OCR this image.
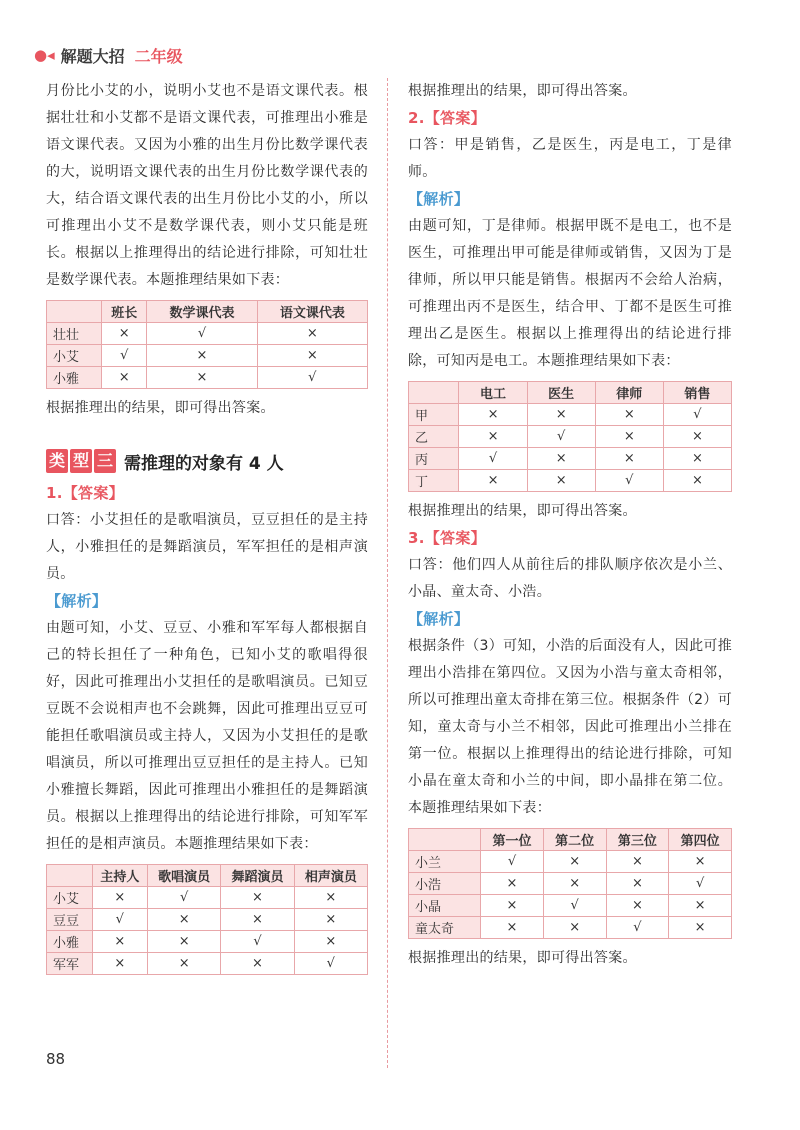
●◂ 解题大招 二年级

月份比小艾的小，说明小艾也不是语文课代表。根据壮壮和小艾都不是语文课代表，可推理出小雅是语文课代表。又因为小雅的出生月份比数学课代表的大，说明语文课代表的出生月份比数学课代表的大，结合语文课代表的出生月份比小艾的小，所以可推理出小艾不是数学课代表，则小艾只能是班长。根据以上推理得出的结论进行排除，可知壮壮是数学课代表。本题推理结果如下表：

	班长	数学课代表	语文课代表
壮壮	×	√	×
小艾	√	×	×
小雅	×	×	√

根据推理出的结果，即可得出答案。

类 型 三 需推理的对象有 4 人

1.【答案】

口答：小艾担任的是歌唱演员，豆豆担任的是主持人，小雅担任的是舞蹈演员，军军担任的是相声演员。

【解析】

由题可知，小艾、豆豆、小雅和军军每人都根据自己的特长担任了一种角色，已知小艾的歌唱得很好，因此可推理出小艾担任的是歌唱演员。已知豆豆既不会说相声也不会跳舞，因此可推理出豆豆可能担任歌唱演员或主持人，又因为小艾担任的是歌唱演员，所以可推理出豆豆担任的是主持人。已知小雅擅长舞蹈，因此可推理出小雅担任的是舞蹈演员。根据以上推理得出的结论进行排除，可知军军担任的是相声演员。本题推理结果如下表：

	主持人	歌唱演员	舞蹈演员	相声演员
小艾	×	√	×	×
豆豆	√	×	×	×
小雅	×	×	√	×
军军	×	×	×	√

根据推理出的结果，即可得出答案。

2.【答案】

口答：甲是销售，乙是医生，丙是电工，丁是律师。

【解析】

由题可知，丁是律师。根据甲既不是电工，也不是医生，可推理出甲可能是律师或销售，又因为丁是律师，所以甲只能是销售。根据丙不会给人治病，可推理出丙不是医生，结合甲、丁都不是医生可推理出乙是医生。根据以上推理得出的结论进行排除，可知丙是电工。本题推理结果如下表：

	电工	医生	律师	销售
甲	×	×	×	√
乙	×	√	×	×
丙	√	×	×	×
丁	×	×	√	×

根据推理出的结果，即可得出答案。

3.【答案】

口答：他们四人从前往后的排队顺序依次是小兰、小晶、童太奇、小浩。

【解析】

根据条件（3）可知，小浩的后面没有人，因此可推理出小浩排在第四位。又因为小浩与童太奇相邻，所以可推理出童太奇排在第三位。根据条件（2）可知，童太奇与小兰不相邻，因此可推理出小兰排在第一位。根据以上推理得出的结论进行排除，可知小晶在童太奇和小兰的中间，即小晶排在第二位。本题推理结果如下表：

	第一位	第二位	第三位	第四位
小兰	√	×	×	×
小浩	×	×	×	√
小晶	×	√	×	×
童太奇	×	×	√	×

根据推理出的结果，即可得出答案。

88
